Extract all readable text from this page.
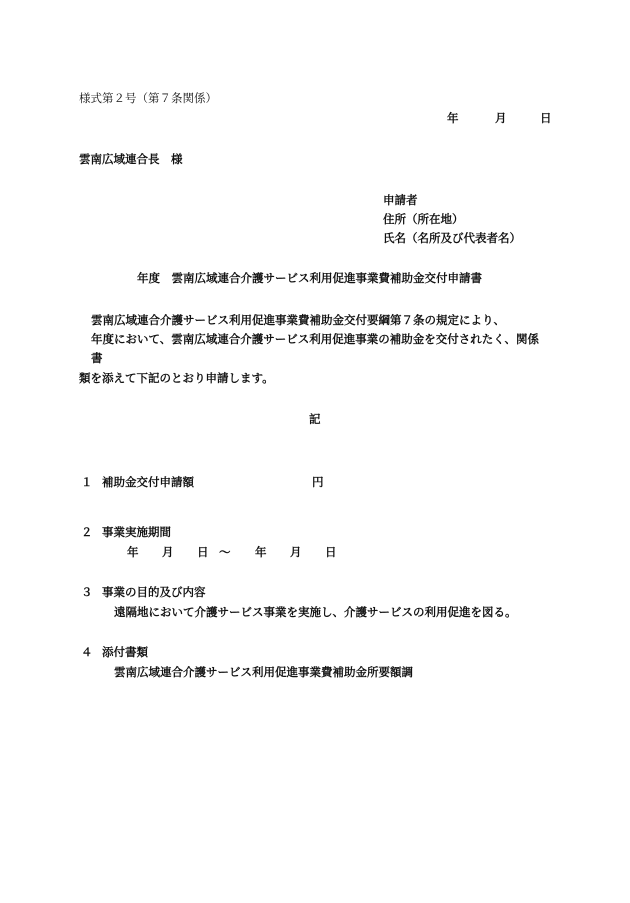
様式第２号（第７条関係）
年	月	日
雲南広域連合長　様
申請者
住所（所在地）
氏名（名所及び代表者名）
年度　雲南広域連合介護サービス利用促進事業費補助金交付申請書
雲南広域連合介護サービス利用促進事業費補助金交付要綱第７条の規定により、
年度において、雲南広域連合介護サービス利用促進事業の補助金を交付されたく、関係
書
類を添えて下記のとおり申請します。
記
１ 補助金交付申請額	円
２ 事業実施期間
年 月 日 ～ 年 月 日
３ 事業の目的及び内容
遠隔地において介護サービス事業を実施し、介護サービスの利用促進を図る。
４ 添付書類
雲南広域連合介護サービス利用促進事業費補助金所要額調
